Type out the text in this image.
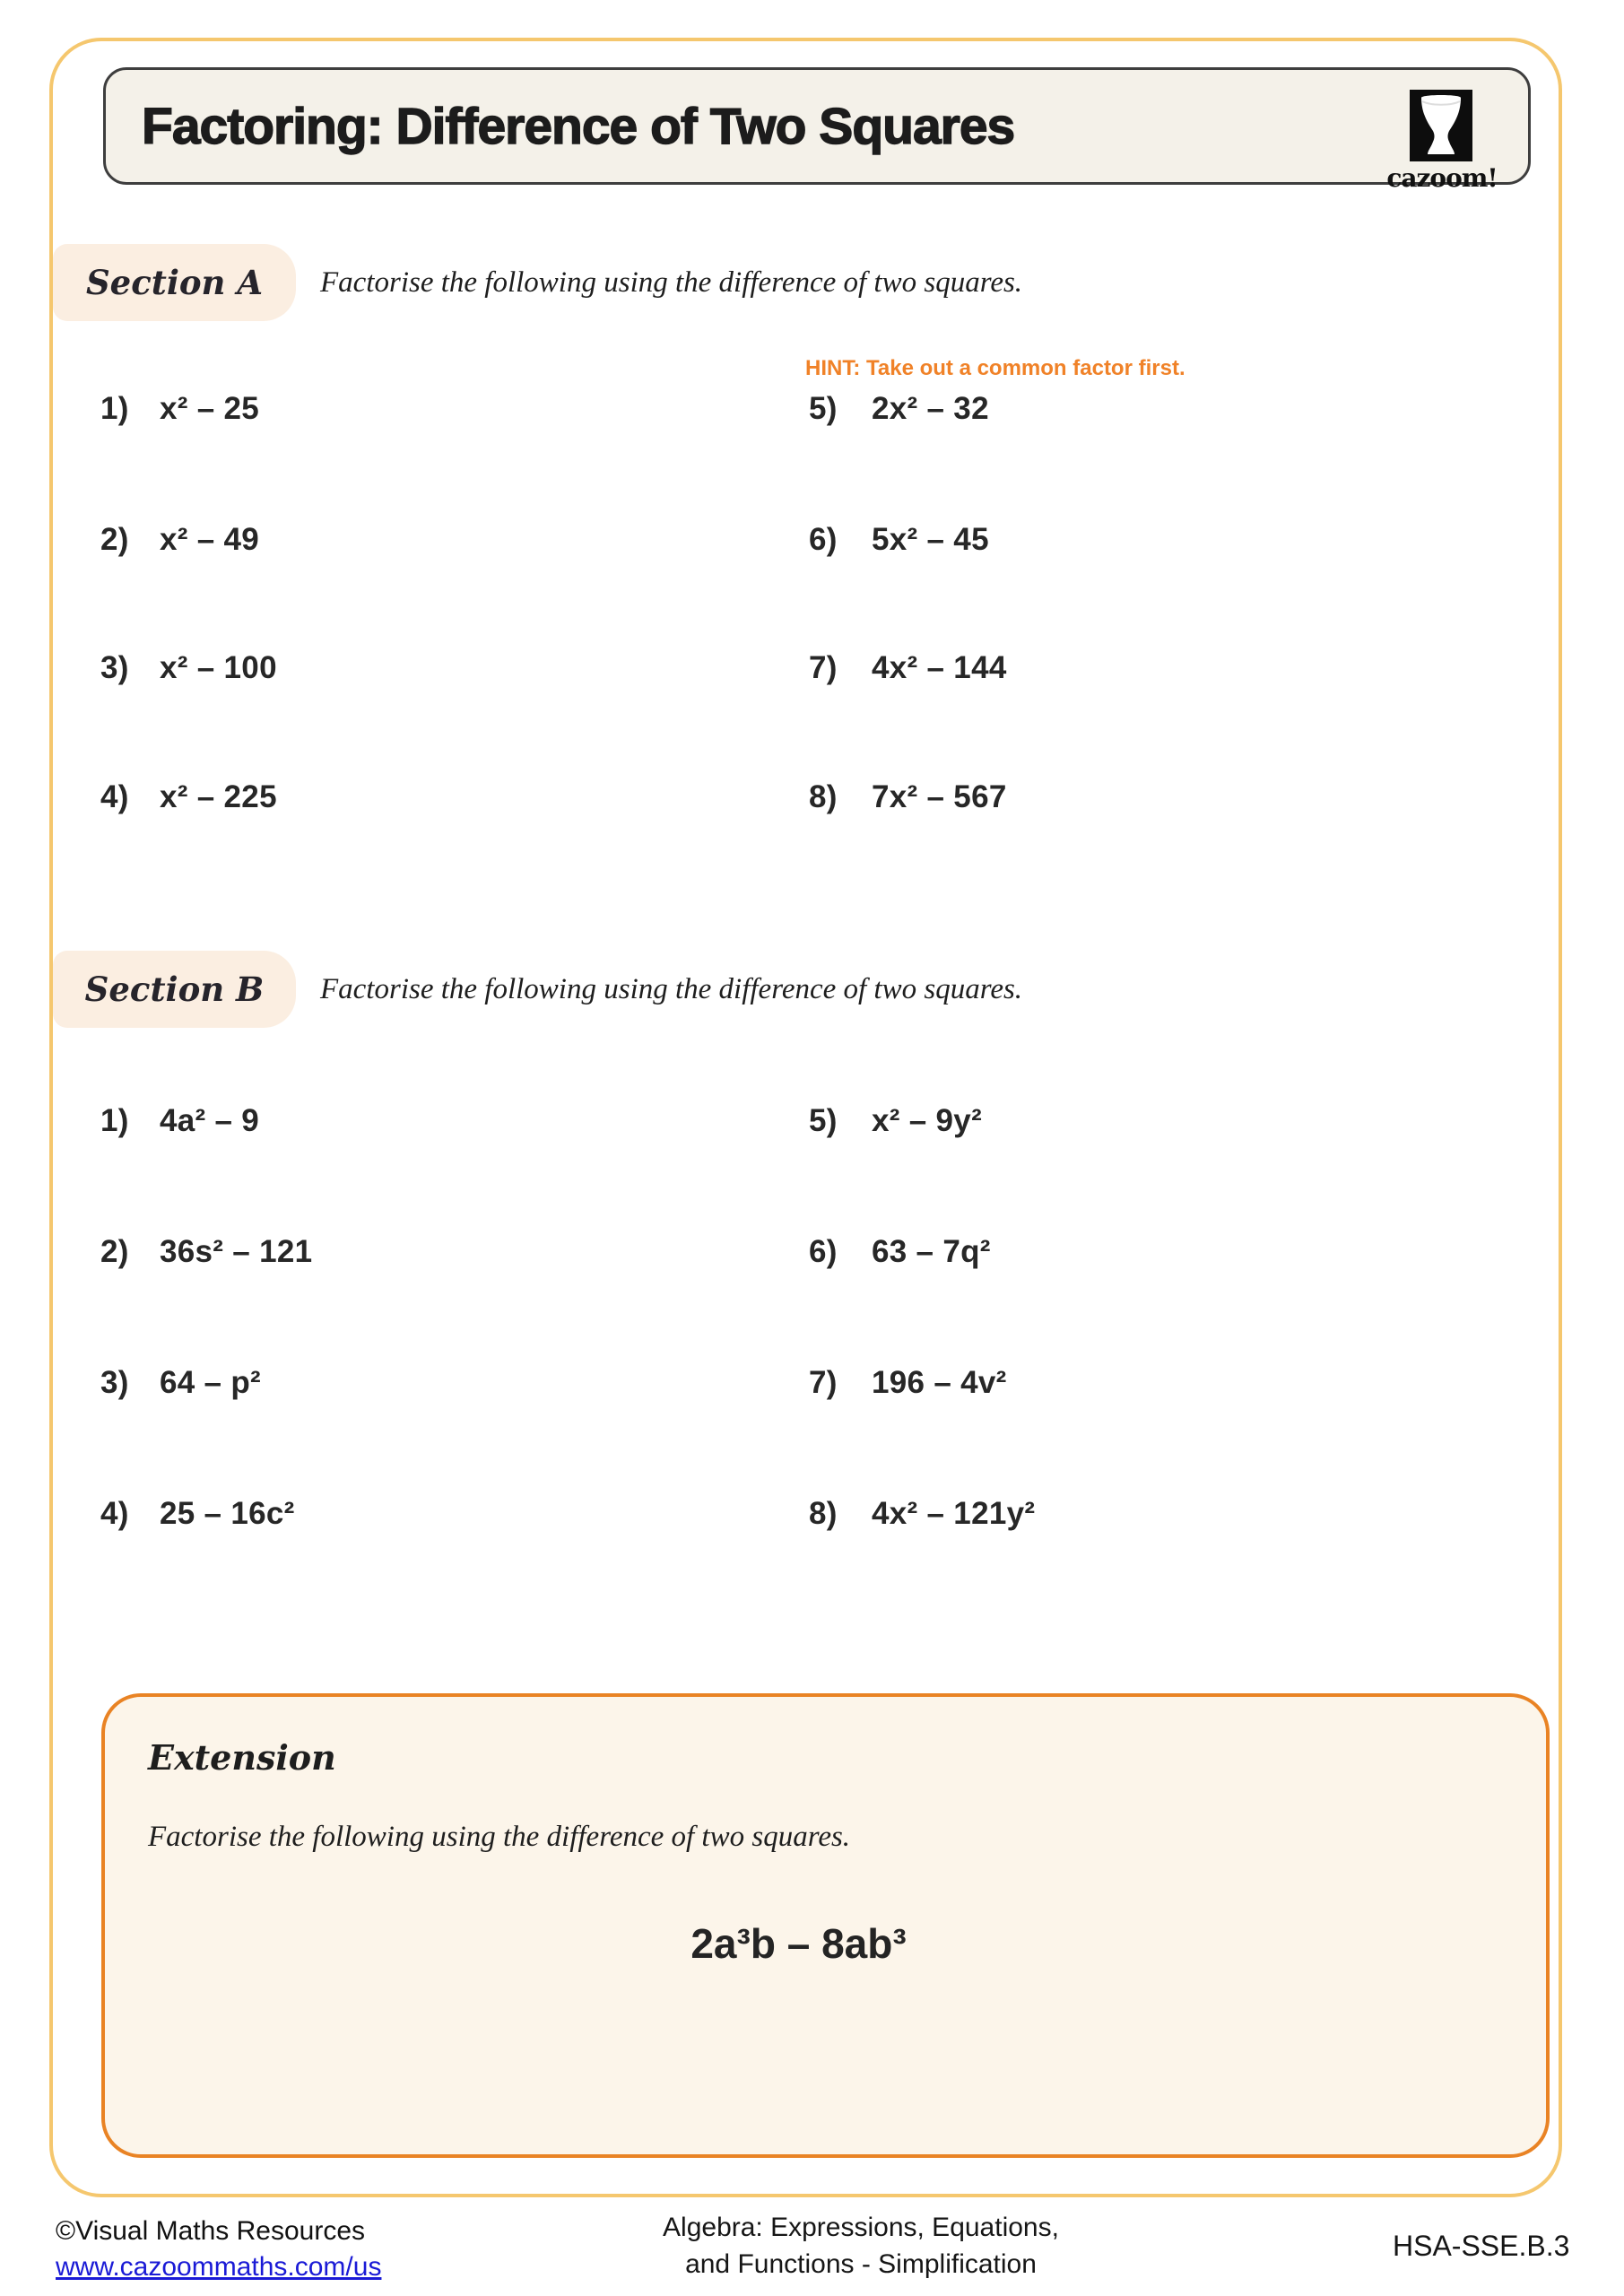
Factoring: Difference of Two Squares
cazoom!
Section A	Factorise the following using the difference of two squares.
HINT: Take out a common factor first.
1) x² – 25
2) x² – 49
3) x² – 100
4) x² – 225
5)	2x² – 32
6)	5x² – 45
7)	4x² – 144
8)	7x² – 567
Section B	Factorise the following using the difference of two squares.
1) 4a² – 9
2) 36s² – 121
3) 64 – p²
4) 25 – 16c²
5)	x² – 9y²
6)	63 – 7q²
7)	196 – 4v²
8)	4x² – 121y²
Extension
Factorise the following using the difference of two squares.
2a³b – 8ab³
©Visual Maths Resources
www.cazoommaths.com/us
Algebra: Expressions, Equations,
and Functions - Simplification
HSA-SSE.B.3
